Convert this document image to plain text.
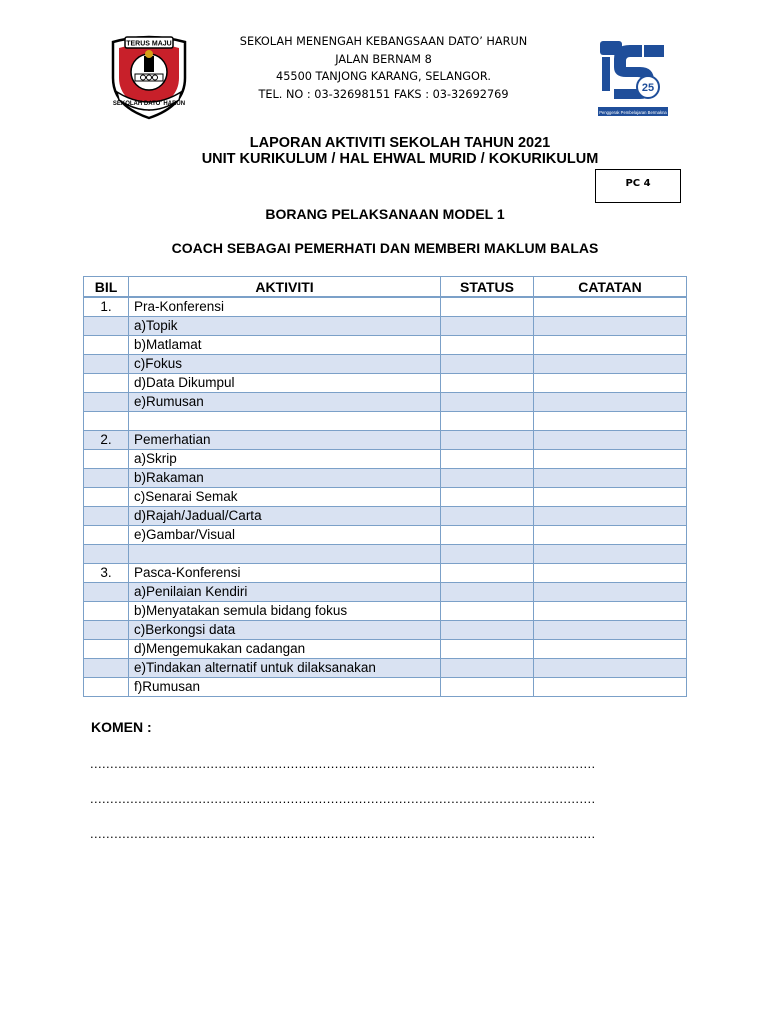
TERUS MAJU
SEKOLAH DATO' HARUN
SEKOLAH MENENGAH KEBANGSAAN DATO’ HARUN
JALAN BERNAM 8
45500 TANJONG KARANG, SELANGOR.
TEL. NO : 03-32698151 FAKS : 03-32692769	25
Penggerak Pembelajaran Bermakna
LAPORAN AKTIVITI SEKOLAH TAHUN 2021
UNIT KURIKULUM / HAL EHWAL MURID / KOKURIKULUM
PC 4
BORANG PELAKSANAAN MODEL 1
COACH SEBAGAI PEMERHATI DAN MEMBERI MAKLUM BALAS
BIL	AKTIVITI	STATUS	CATATAN
1.	Pra-Konferensi		
	a)Topik		
	b)Matlamat		
	c)Fokus		
	d)Data Dikumpul		
	e)Rumusan		

2.	Pemerhatian		
	a)Skrip		
	b)Rakaman		
	c)Senarai Semak		
	d)Rajah/Jadual/Carta		
	e)Gambar/Visual		

3.	Pasca-Konferensi		
	a)Penilaian Kendiri		
	b)Menyatakan semula bidang fokus		
	c)Berkongsi data		
	d)Mengemukakan cadangan		
	e)Tindakan alternatif untuk dilaksanakan		
	f)Rumusan		
KOMEN :
..............................................................................................................................
..............................................................................................................................
..............................................................................................................................
